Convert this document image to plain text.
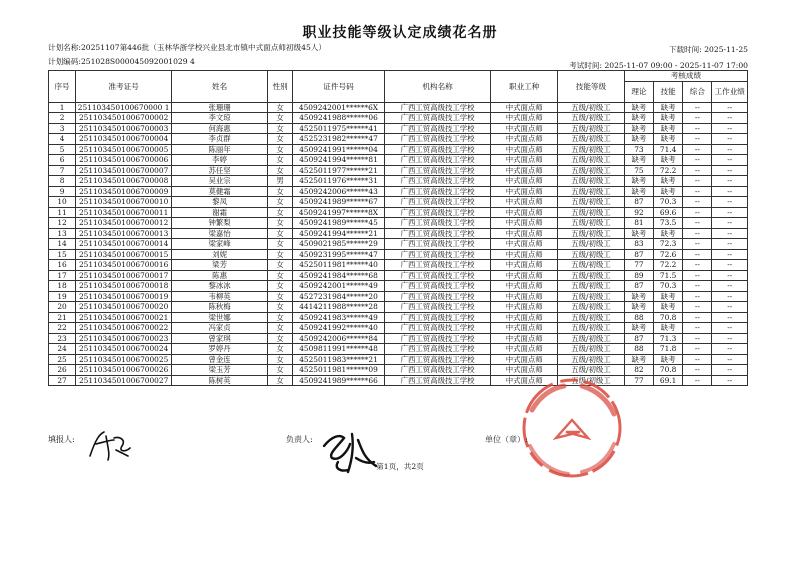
职业技能等级认定成绩花名册
计划名称:20251107第446批（玉林华浙学校兴业县北市镇中式面点师初级45人）	下载时间: 2025-11-25
计划编码:251028S000045092001029 4	考试时间: 2025-11-07 09:00 - 2025-11-07 17:00
序号	准考证号	姓名	性别	证件号码	机构名称	职业工种	技能等级	考核成绩			
								理论	技能	综合	工作业绩
1	251103450100670000 1	张珊珊	女	4509242001******6X	广西工贸高级技工学校	中式面点师	五级/初级工	缺考	缺考	--	--
2	2511034501006700002	李文琼	女	4509241988******06	广西工贸高级技工学校	中式面点师	五级/初级工	缺考	缺考	--	--
3	2511034501006700003	何海惠	女	4525011975******41	广西工贸高级技工学校	中式面点师	五级/初级工	缺考	缺考	--	--
4	2511034501006700004	李贞群	女	4525231982******47	广西工贸高级技工学校	中式面点师	五级/初级工	缺考	缺考	--	--
5	2511034501006700005	陈丽年	女	4509241991******04	广西工贸高级技工学校	中式面点师	五级/初级工	73	71.4	--	--
6	2511034501006700006	李婷	女	4509241994******81	广西工贸高级技工学校	中式面点师	五级/初级工	缺考	缺考	--	--
7	2511034501006700007	苏任坚	女	4525011977******21	广西工贸高级技工学校	中式面点师	五级/初级工	75	72.2	--	--
8	2511034501006700008	吴业宗	男	4525011976******31	广西工贸高级技工学校	中式面点师	五级/初级工	缺考	缺考	--	--
9	2511034501006700009	莫健霜	女	4509242006******43	广西工贸高级技工学校	中式面点师	五级/初级工	缺考	缺考	--	--
10	2511034501006700010	黎凤	女	4509241989******67	广西工贸高级技工学校	中式面点师	五级/初级工	87	70.3	--	--
11	2511034501006700011	谢霜	女	4509241997******8X	广西工贸高级技工学校	中式面点师	五级/初级工	92	69.6	--	--
12	2511034501006700012	钟繁梨	女	4509241989******45	广西工贸高级技工学校	中式面点师	五级/初级工	81	73.5	--	--
13	2511034501006700013	梁嘉怡	女	4509241994******21	广西工贸高级技工学校	中式面点师	五级/初级工	缺考	缺考	--	--
14	2511034501006700014	梁家峰	女	4509021985******29	广西工贸高级技工学校	中式面点师	五级/初级工	83	72.3	--	--
15	2511034501006700015	刘妮	女	4509231995******47	广西工贸高级技工学校	中式面点师	五级/初级工	87	72.6	--	--
16	2511034501006700016	梁芳	女	4525011981******40	广西工贸高级技工学校	中式面点师	五级/初级工	77	72.2	--	--
17	2511034501006700017	陈惠	女	4509241984******68	广西工贸高级技工学校	中式面点师	五级/初级工	89	71.5	--	--
18	2511034501006700018	黎冰冰	女	4509242001******49	广西工贸高级技工学校	中式面点师	五级/初级工	87	70.3	--	--
19	2511034501006700019	韦柳英	女	4527231984******20	广西工贸高级技工学校	中式面点师	五级/初级工	缺考	缺考	--	--
20	2511034501006700020	陈秋梅	女	4414211988******28	广西工贸高级技工学校	中式面点师	五级/初级工	缺考	缺考	--	--
21	2511034501006700021	梁世娜	女	4509241983******49	广西工贸高级技工学校	中式面点师	五级/初级工	88	70.8	--	--
22	2511034501006700022	冯家贞	女	4509241992******40	广西工贸高级技工学校	中式面点师	五级/初级工	缺考	缺考	--	--
23	2511034501006700023	曾家琪	女	4509242006******84	广西工贸高级技工学校	中式面点师	五级/初级工	87	71.3	--	--
24	2511034501006700024	罗婷丹	女	4509811991******48	广西工贸高级技工学校	中式面点师	五级/初级工	88	71.8	--	--
25	2511034501006700025	曾金连	女	4525011983******21	广西工贸高级技工学校	中式面点师	五级/初级工	缺考	缺考	--	--
26	2511034501006700026	梁玉芳	女	4525011981******09	广西工贸高级技工学校	中式面点师	五级/初级工	82	70.8	--	--
27	2511034501006700027	陈树英	女	4509241989******66	广西工贸高级技工学校	中式面点师	五级/初级工	77	69.1	--	--
填报人:	负责人:	单位（章）:
第1页，共2页
